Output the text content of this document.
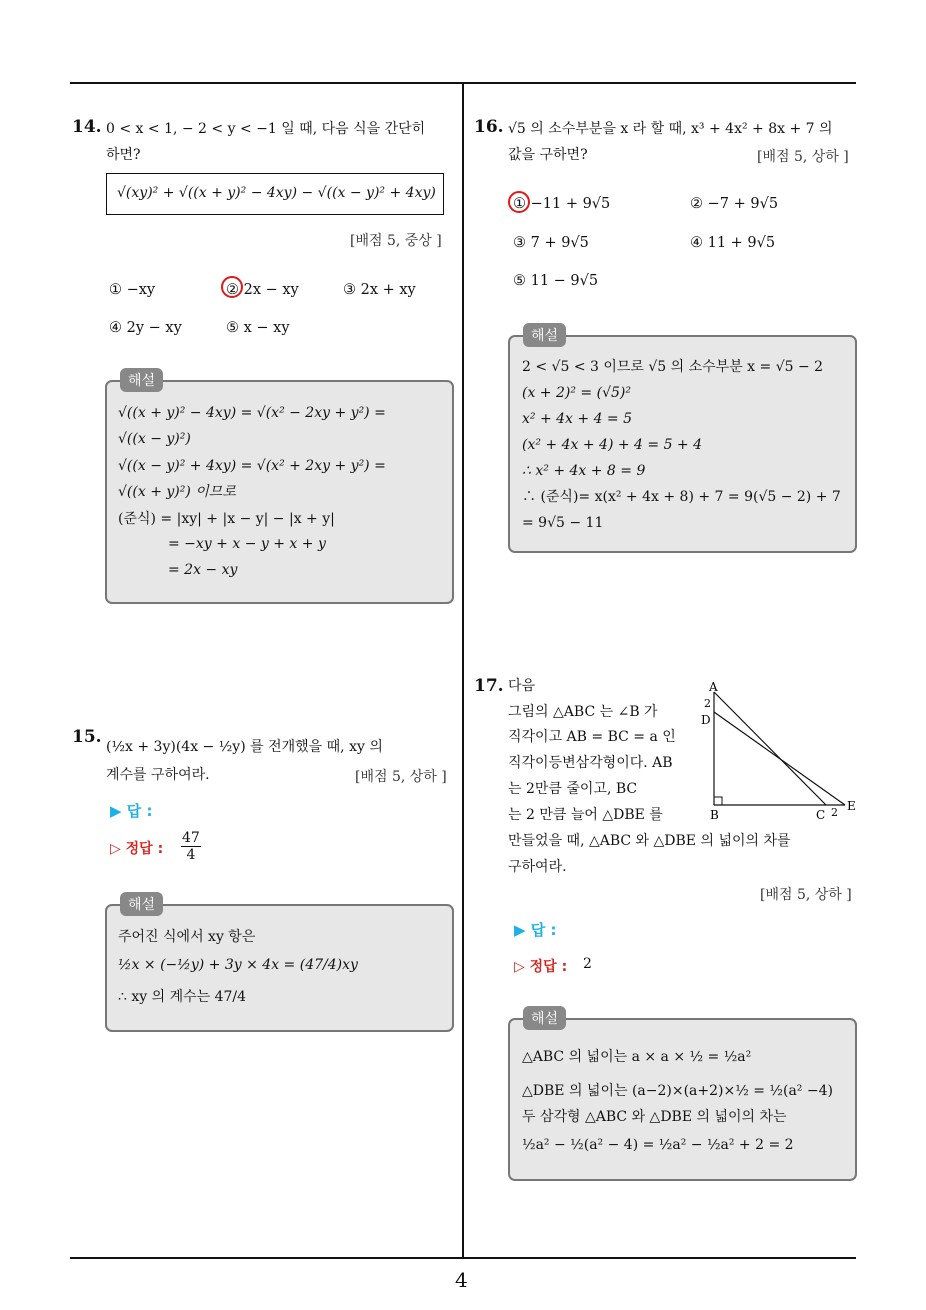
4
14. 0 < x < 1, − 2 < y < −1 일 때, 다음 식을 간단히
하면?
√(xy)² + √((x + y)² − 4xy) − √((x − y)² + 4xy)
[배점 5, 중상 ]
① −xy	② 2x − xy	③ 2x + xy
④ 2y − xy	⑤ x − xy
해설
√((x + y)² − 4xy) = √(x² − 2xy + y²) =
√((x − y)²)
√((x − y)² + 4xy) = √(x² + 2xy + y²) =
√((x + y)²) 이므로
(준식) = |xy| + |x − y| − |x + y|
= −xy + x − y + x + y
= 2x − xy
15. (½x + 3y)(4x − ½y) 를 전개했을 때, xy 의
계수를 구하여라.	[배점 5, 상하 ]
▶ 답 :
▷ 정답 : $\frac{47}{4}$
해설
주어진 식에서 xy 항은
½x × (−½y) + 3y × 4x = (47/4)xy
∴ xy 의 계수는 47/4
16. √5 의 소수부분을 x 라 할 때, x³ + 4x² + 8x + 7 의
값을 구하면?	[배점 5, 상하 ]
① −11 + 9√5	② −7 + 9√5
③ 7 + 9√5	④ 11 + 9√5
⑤ 11 − 9√5
해설
2 < √5 < 3 이므로 √5 의 소수부분 x = √5 − 2
(x + 2)² = (√5)²
x² + 4x + 4 = 5
(x² + 4x + 4) + 4 = 5 + 4
∴ x² + 4x + 8 = 9
∴ (준식)= x(x² + 4x + 8) + 7 = 9(√5 − 2) + 7
= 9√5 − 11
17. 다음
그림의 △ABC 는 ∠B 가
직각이고 AB = BC = a 인
직각이등변삼각형이다. AB
는 2만큼 줄이고, BC
는 2 만큼 늘어 △DBE 를
만들었을 때, △ABC 와 △DBE 의 넓이의 차를
구하여라.
A
2
D
B	C 2 E
[배점 5, 상하 ]
▶ 답 :
▷ 정답 : 2
해설
△ABC 의 넓이는 a × a × ½ = ½a²
△DBE 의 넓이는 (a−2)×(a+2)×½ = ½(a² −4)
두 삼각형 △ABC 와 △DBE 의 넓이의 차는
½a² − ½(a² − 4) = ½a² − ½a² + 2 = 2
